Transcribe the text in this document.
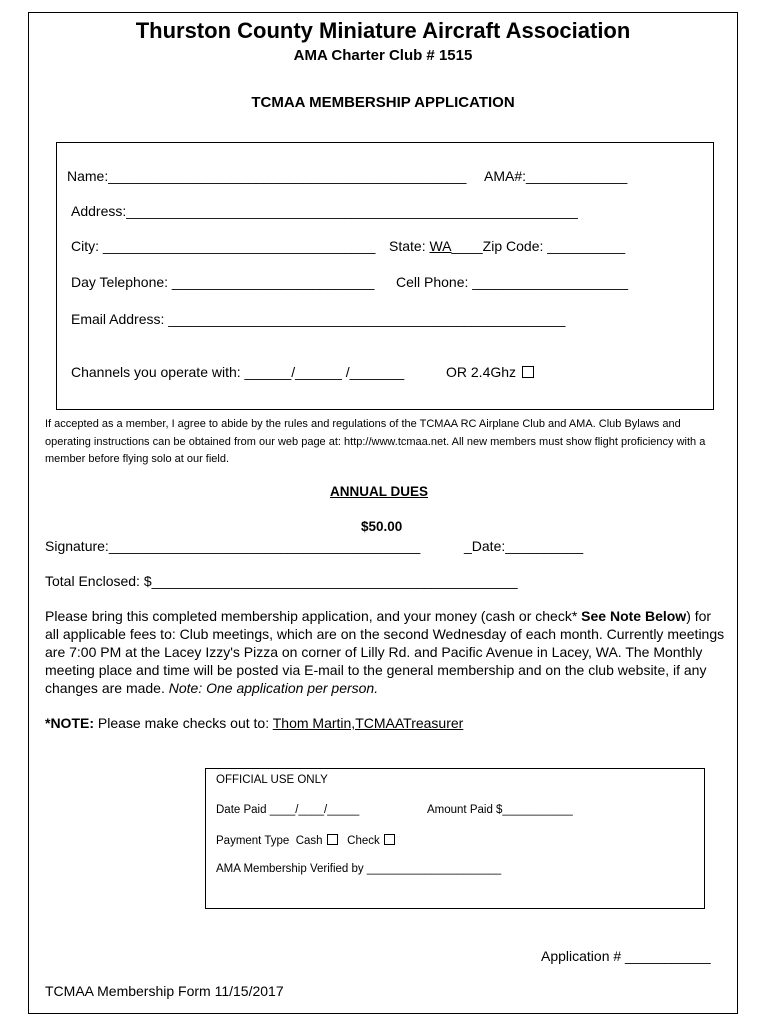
Thurston County Miniature Aircraft Association
AMA Charter Club # 1515
TCMAA MEMBERSHIP APPLICATION
Name:______________________________________________ AMA#:_____________
Address:__________________________________________________________
City: ___________________________________ State: WA____Zip Code: __________
Day Telephone: __________________________ Cell Phone: ____________________
Email Address: ___________________________________________________
Channels you operate with: ______/______ /_______	OR 2.4Ghz
If accepted as a member, I agree to abide by the rules and regulations of the TCMAA RC Airplane Club and AMA. Club Bylaws and operating instructions can be obtained from our web page at: http://www.tcmaa.net. All new members must show flight proficiency with a member before flying solo at our field.
ANNUAL DUES
$50.00
Signature:________________________________________	_Date:__________
Total Enclosed: $_______________________________________________
Please bring this completed membership application, and your money (cash or check* See Note Below) for all applicable fees to: Club meetings, which are on the second Wednesday of each month. Currently meetings are 7:00 PM at the Lacey Izzy's Pizza on corner of Lilly Rd. and Pacific Avenue in Lacey, WA. The Monthly meeting place and time will be posted via E-mail to the general membership and on the club website, if any changes are made. Note: One application per person.
*NOTE: Please make checks out to: Thom Martin,TCMAATreasurer
OFFICIAL USE ONLY
Date Paid ____/____/_____	Amount Paid $___________
Payment Type Cash Check
AMA Membership Verified by _____________________
Application # ___________
TCMAA Membership Form 11/15/2017
